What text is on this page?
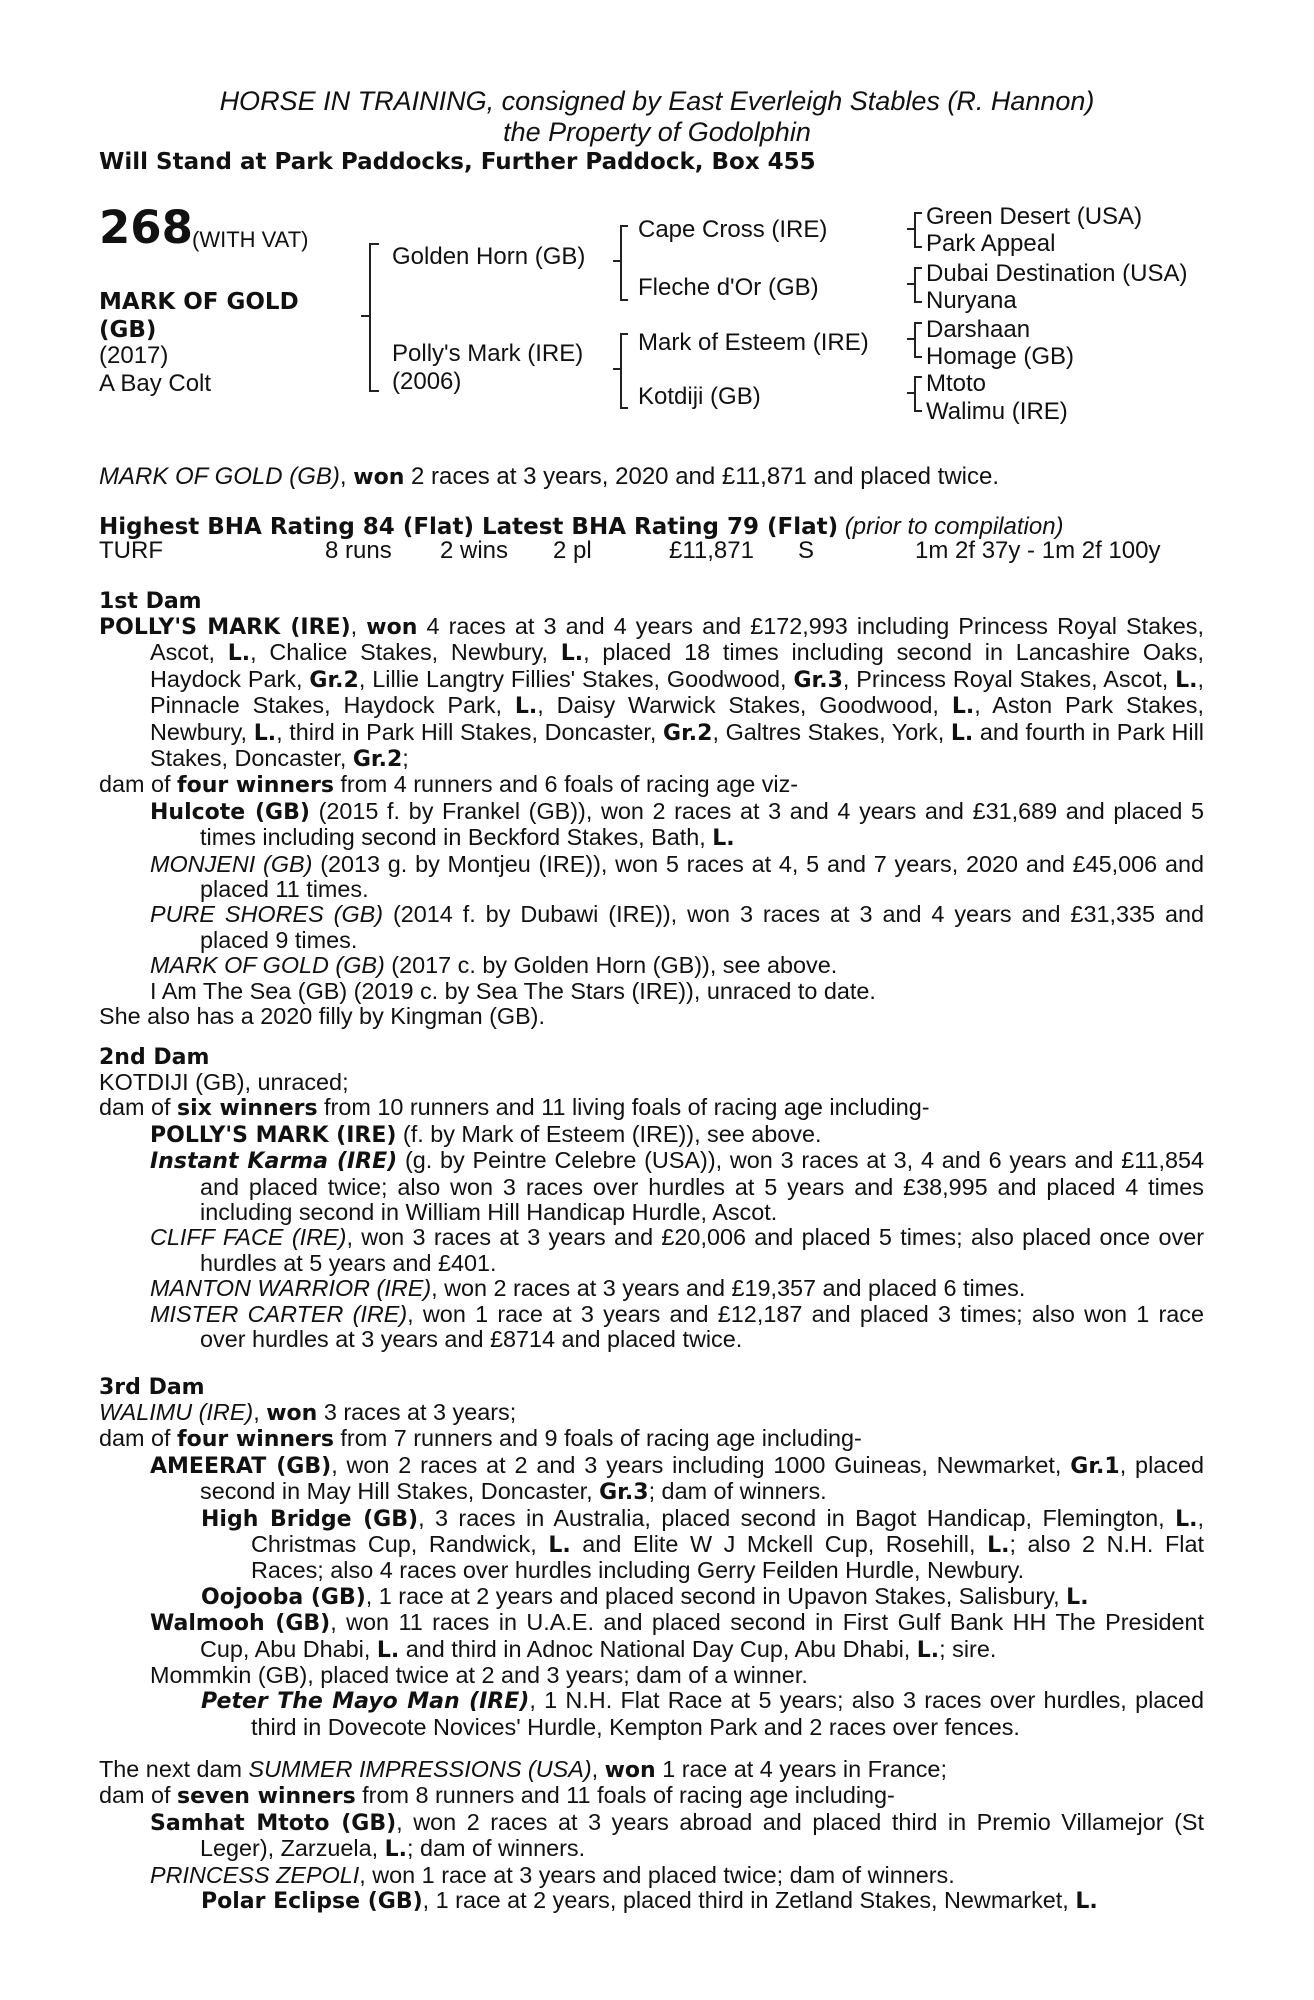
HORSE IN TRAINING, consigned by East Everleigh Stables (R. Hannon)
the Property of Godolphin
Will Stand at Park Paddocks, Further Paddock, Box 455
268 (WITH VAT)
MARK OF GOLD
(GB)
(2017)
A Bay Colt
Golden Horn (GB)
Polly's Mark (IRE)
(2006)
Cape Cross (IRE)
Fleche d'Or (GB)
Mark of Esteem (IRE)
Kotdiji (GB)
Green Desert (USA)
Park Appeal
Dubai Destination (USA)
Nuryana
Darshaan
Homage (GB)
Mtoto
Walimu (IRE)
MARK OF GOLD (GB), won 2 races at 3 years, 2020 and £11,871 and placed twice.
Highest BHA Rating 84 (Flat) Latest BHA Rating 79 (Flat) (prior to compilation)
TURF	8 runs 2 wins 2 pl	£11,871 S	1m 2f 37y - 1m 2f 100y
1st Dam

POLLY'S MARK (IRE), won 4 races at 3 and 4 years and £172,993 including Princess Royal Stakes, Ascot, L., Chalice Stakes, Newbury, L., placed 18 times including second in Lancashire Oaks, Haydock Park, Gr.2, Lillie Langtry Fillies' Stakes, Goodwood, Gr.3, Princess Royal Stakes, Ascot, L., Pinnacle Stakes, Haydock Park, L., Daisy Warwick Stakes, Goodwood, L., Aston Park Stakes, Newbury, L., third in Park Hill Stakes, Doncaster, Gr.2, Galtres Stakes, York, L. and fourth in Park Hill Stakes, Doncaster, Gr.2;

dam of four winners from 4 runners and 6 foals of racing age viz-

Hulcote (GB) (2015 f. by Frankel (GB)), won 2 races at 3 and 4 years and £31,689 and placed 5 times including second in Beckford Stakes, Bath, L.

MONJENI (GB) (2013 g. by Montjeu (IRE)), won 5 races at 4, 5 and 7 years, 2020 and £45,006 and placed 11 times.

PURE SHORES (GB) (2014 f. by Dubawi (IRE)), won 3 races at 3 and 4 years and £31,335 and placed 9 times.

MARK OF GOLD (GB) (2017 c. by Golden Horn (GB)), see above.

I Am The Sea (GB) (2019 c. by Sea The Stars (IRE)), unraced to date.

She also has a 2020 filly by Kingman (GB).

2nd Dam

KOTDIJI (GB), unraced;

dam of six winners from 10 runners and 11 living foals of racing age including-

POLLY'S MARK (IRE) (f. by Mark of Esteem (IRE)), see above.

Instant Karma (IRE) (g. by Peintre Celebre (USA)), won 3 races at 3, 4 and 6 years and £11,854 and placed twice; also won 3 races over hurdles at 5 years and £38,995 and placed 4 times including second in William Hill Handicap Hurdle, Ascot.

CLIFF FACE (IRE), won 3 races at 3 years and £20,006 and placed 5 times; also placed once over hurdles at 5 years and £401.

MANTON WARRIOR (IRE), won 2 races at 3 years and £19,357 and placed 6 times.

MISTER CARTER (IRE), won 1 race at 3 years and £12,187 and placed 3 times; also won 1 race over hurdles at 3 years and £8714 and placed twice.

3rd Dam

WALIMU (IRE), won 3 races at 3 years;

dam of four winners from 7 runners and 9 foals of racing age including-

AMEERAT (GB), won 2 races at 2 and 3 years including 1000 Guineas, Newmarket, Gr.1, placed second in May Hill Stakes, Doncaster, Gr.3; dam of winners.

High Bridge (GB), 3 races in Australia, placed second in Bagot Handicap, Flemington, L., Christmas Cup, Randwick, L. and Elite W J Mckell Cup, Rosehill, L.; also 2 N.H. Flat Races; also 4 races over hurdles including Gerry Feilden Hurdle, Newbury.

Oojooba (GB), 1 race at 2 years and placed second in Upavon Stakes, Salisbury, L.

Walmooh (GB), won 11 races in U.A.E. and placed second in First Gulf Bank HH The President Cup, Abu Dhabi, L. and third in Adnoc National Day Cup, Abu Dhabi, L.; sire.

Mommkin (GB), placed twice at 2 and 3 years; dam of a winner.

Peter The Mayo Man (IRE), 1 N.H. Flat Race at 5 years; also 3 races over hurdles, placed third in Dovecote Novices' Hurdle, Kempton Park and 2 races over fences.

The next dam SUMMER IMPRESSIONS (USA), won 1 race at 4 years in France;

dam of seven winners from 8 runners and 11 foals of racing age including-

Samhat Mtoto (GB), won 2 races at 3 years abroad and placed third in Premio Villamejor (St Leger), Zarzuela, L.; dam of winners.

PRINCESS ZEPOLI, won 1 race at 3 years and placed twice; dam of winners.

Polar Eclipse (GB), 1 race at 2 years, placed third in Zetland Stakes, Newmarket, L.
